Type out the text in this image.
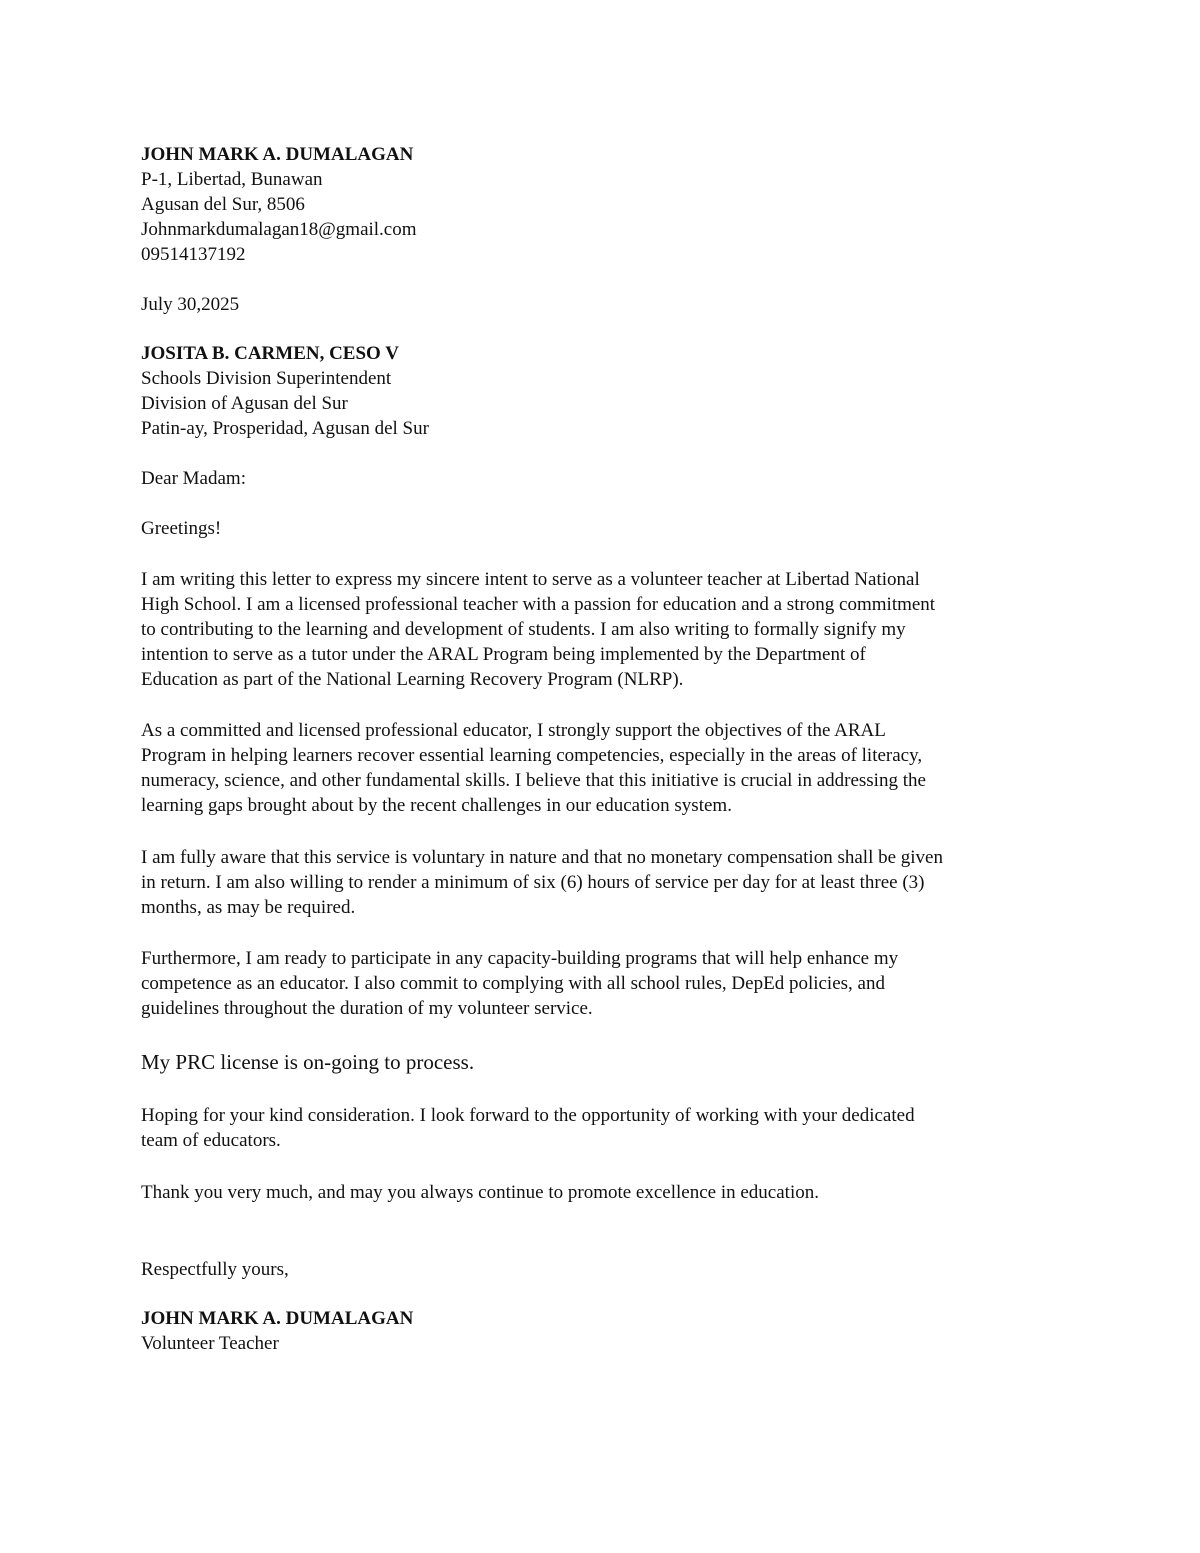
JOHN MARK A. DUMALAGAN
P-1, Libertad, Bunawan
Agusan del Sur, 8506
Johnmarkdumalagan18@gmail.com
09514137192
July 30,2025
JOSITA B. CARMEN, CESO V
Schools Division Superintendent
Division of Agusan del Sur
Patin-ay, Prosperidad, Agusan del Sur
Dear Madam:
Greetings!
I am writing this letter to express my sincere intent to serve as a volunteer teacher at Libertad National
High School. I am a licensed professional teacher with a passion for education and a strong commitment
to contributing to the learning and development of students. I am also writing to formally signify my
intention to serve as a tutor under the ARAL Program being implemented by the Department of
Education as part of the National Learning Recovery Program (NLRP).
As a committed and licensed professional educator, I strongly support the objectives of the ARAL
Program in helping learners recover essential learning competencies, especially in the areas of literacy,
numeracy, science, and other fundamental skills. I believe that this initiative is crucial in addressing the
learning gaps brought about by the recent challenges in our education system.
I am fully aware that this service is voluntary in nature and that no monetary compensation shall be given
in return. I am also willing to render a minimum of six (6) hours of service per day for at least three (3)
months, as may be required.
Furthermore, I am ready to participate in any capacity-building programs that will help enhance my
competence as an educator. I also commit to complying with all school rules, DepEd policies, and
guidelines throughout the duration of my volunteer service.
My PRC license is on-going to process.
Hoping for your kind consideration. I look forward to the opportunity of working with your dedicated
team of educators.
Thank you very much, and may you always continue to promote excellence in education.
Respectfully yours,
JOHN MARK A. DUMALAGAN
Volunteer Teacher
